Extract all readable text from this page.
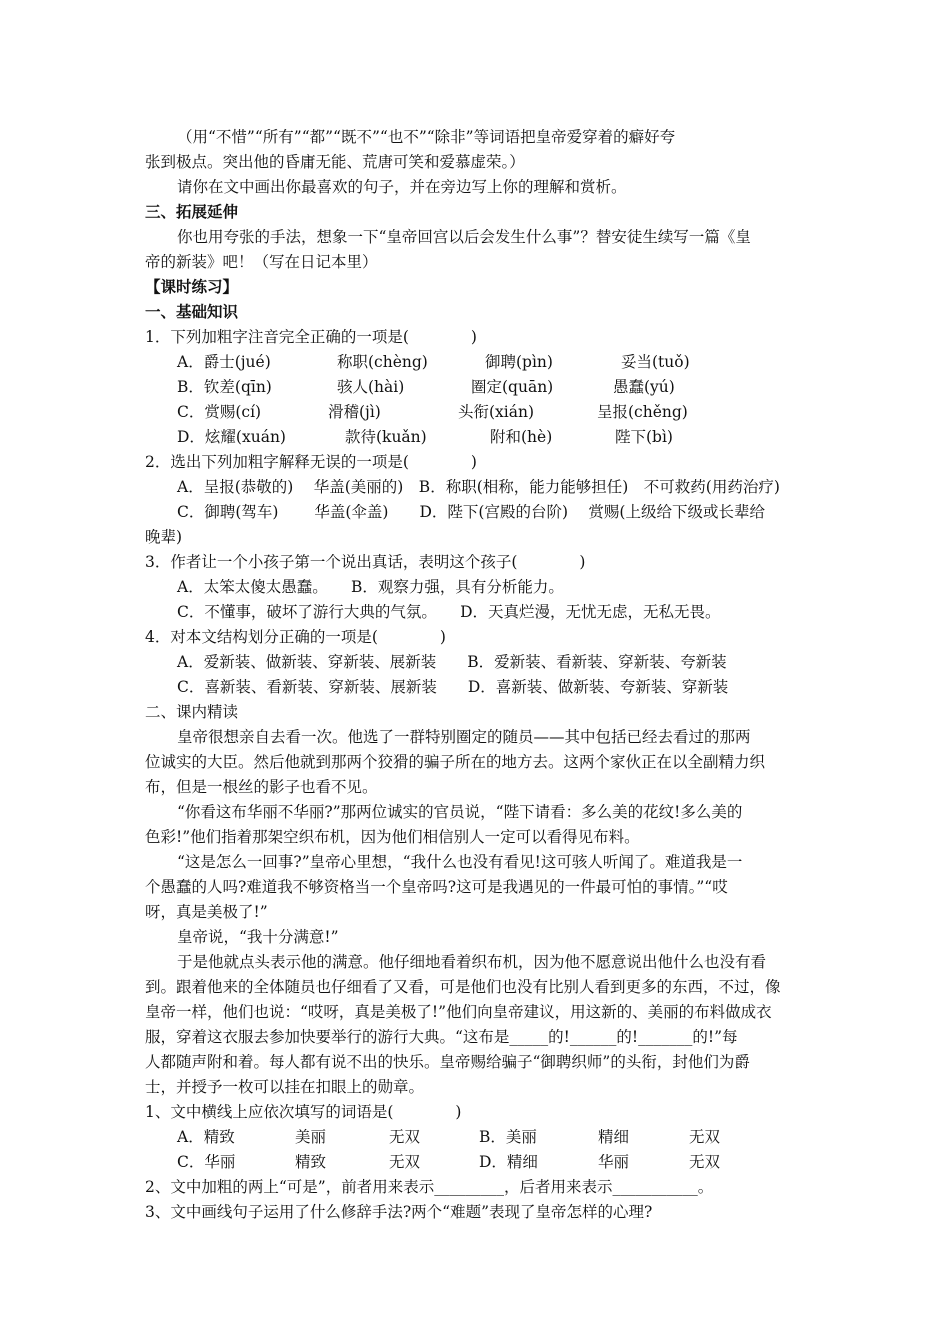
（用“不惜”“所有”“都”“既不”“也不”“除非”等词语把皇帝爱穿着的癖好夸
张到极点。突出他的昏庸无能、荒唐可笑和爱慕虚荣。）
请你在文中画出你最喜欢的句子，并在旁边写上你的理解和赏析。
三、拓展延伸
你也用夸张的手法，想象一下“皇帝回宫以后会发生什么事”？替安徒生续写一篇《皇
帝的新装》吧！（写在日记本里）
【课时练习】
一、基础知识
1．下列加粗字注音完全正确的一项是(　　　　)
A．爵士(jué)	称职(chèng)	御聘(pìn)	妥当(tuǒ)
B．钦差(qīn)	骇人(hài)	圈定(quān)	愚蠢(yú)
C．赏赐(cí)	滑稽(jì)	头衔(xián)	呈报(chěng)
D．炫耀(xuán)	款待(kuǎn)	附和(hè)	陛下(bì)
2．选出下列加粗字解释无误的一项是(　　　　)
A．呈报(恭敬的)　 华盖(美丽的)　B．称职(相称，能力能够担任)　不可救药(用药治疗)
C．御聘(驾车)　　 华盖(伞盖)　　D．陛下(宫殿的台阶)　 赏赐(上级给下级或长辈给
晚辈)
3．作者让一个小孩子第一个说出真话，表明这个孩子(　　　　)
A．太笨太傻太愚蠢。　　B．观察力强，具有分析能力。
C．不懂事，破坏了游行大典的气氛。　　D．天真烂漫，无忧无虑，无私无畏。
4．对本文结构划分正确的一项是(　　　　)
A．爱新装、做新装、穿新装、展新装　　B．爱新装、看新装、穿新装、夸新装
C．喜新装、看新装、穿新装、展新装　　D．喜新装、做新装、夸新装、穿新装
二、课内精读
皇帝很想亲自去看一次。他选了一群特别圈定的随员——其中包括已经去看过的那两
位诚实的大臣。然后他就到那两个狡猾的骗子所在的地方去。这两个家伙正在以全副精力织
布，但是一根丝的影子也看不见。
“你看这布华丽不华丽?”那两位诚实的官员说，“陛下请看：多么美的花纹!多么美的
色彩!”他们指着那架空织布机，因为他们相信别人一定可以看得见布料。
“这是怎么一回事?”皇帝心里想，“我什么也没有看见!这可骇人听闻了。难道我是一
个愚蠢的人吗?难道我不够资格当一个皇帝吗?这可是我遇见的一件最可怕的事情。”“哎
呀，真是美极了!”
皇帝说，“我十分满意!”
于是他就点头表示他的满意。他仔细地看着织布机，因为他不愿意说出他什么也没有看
到。跟着他来的全体随员也仔细看了又看，可是他们也没有比别人看到更多的东西，不过，像
皇帝一样，他们也说：“哎呀，真是美极了!”他们向皇帝建议，用这新的、美丽的布料做成衣
服，穿着这衣服去参加快要举行的游行大典。“这布是_____的!______的!_______的!”每
人都随声附和着。每人都有说不出的快乐。皇帝赐给骗子“御聘织师”的头衔，封他们为爵
士，并授予一枚可以挂在扣眼上的勋章。
1、文中横线上应依次填写的词语是(　　　　)
A．精致	美丽	无双	B．美丽	精细	无双
C．华丽	精致	无双	D．精细	华丽	无双
2、文中加粗的两上“可是”，前者用来表示_________，后者用来表示___________。
3、文中画线句子运用了什么修辞手法?两个“难题”表现了皇帝怎样的心理?
